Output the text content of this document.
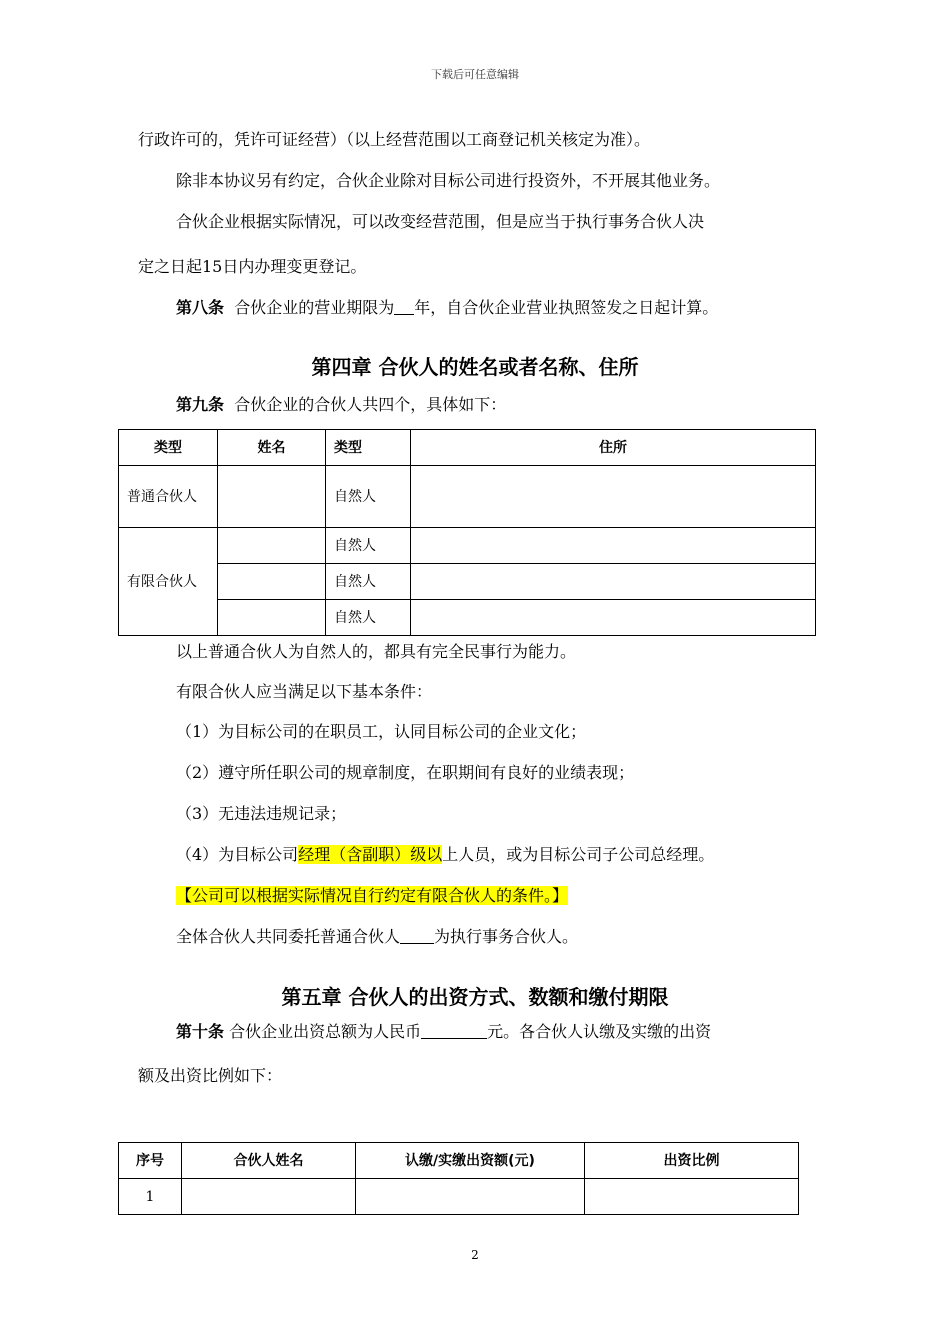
下载后可任意编辑
行政许可的，凭许可证经营）（以上经营范围以工商登记机关核定为准）。
除非本协议另有约定，合伙企业除对目标公司进行投资外，不开展其他业务。
合伙企业根据实际情况，可以改变经营范围，但是应当于执行事务合伙人决
定之日起15日内办理变更登记。
第八条 合伙企业的营业期限为 年，自合伙企业营业执照签发之日起计算。
第四章 合伙人的姓名或者名称、住所
第九条 合伙企业的合伙人共四个，具体如下：
类型	姓名	类型	住所
普通合伙人		自然人	
有限合伙人		自然人	
		自然人	
		自然人	
以上普通合伙人为自然人的，都具有完全民事行为能力。
有限合伙人应当满足以下基本条件：
（1）为目标公司的在职员工，认同目标公司的企业文化；
（2）遵守所任职公司的规章制度，在职期间有良好的业绩表现；
（3）无违法违规记录；
（4）为目标公司经理（含副职）级以上人员，或为目标公司子公司总经理。
【公司可以根据实际情况自行约定有限合伙人的条件。】
全体合伙人共同委托普通合伙人 为执行事务合伙人。
第五章 合伙人的出资方式、数额和缴付期限
第十条 合伙企业出资总额为人民币	元。各合伙人认缴及实缴的出资
额及出资比例如下：
序号	合伙人姓名	认缴/实缴出资额(元)	出资比例
1			
2
